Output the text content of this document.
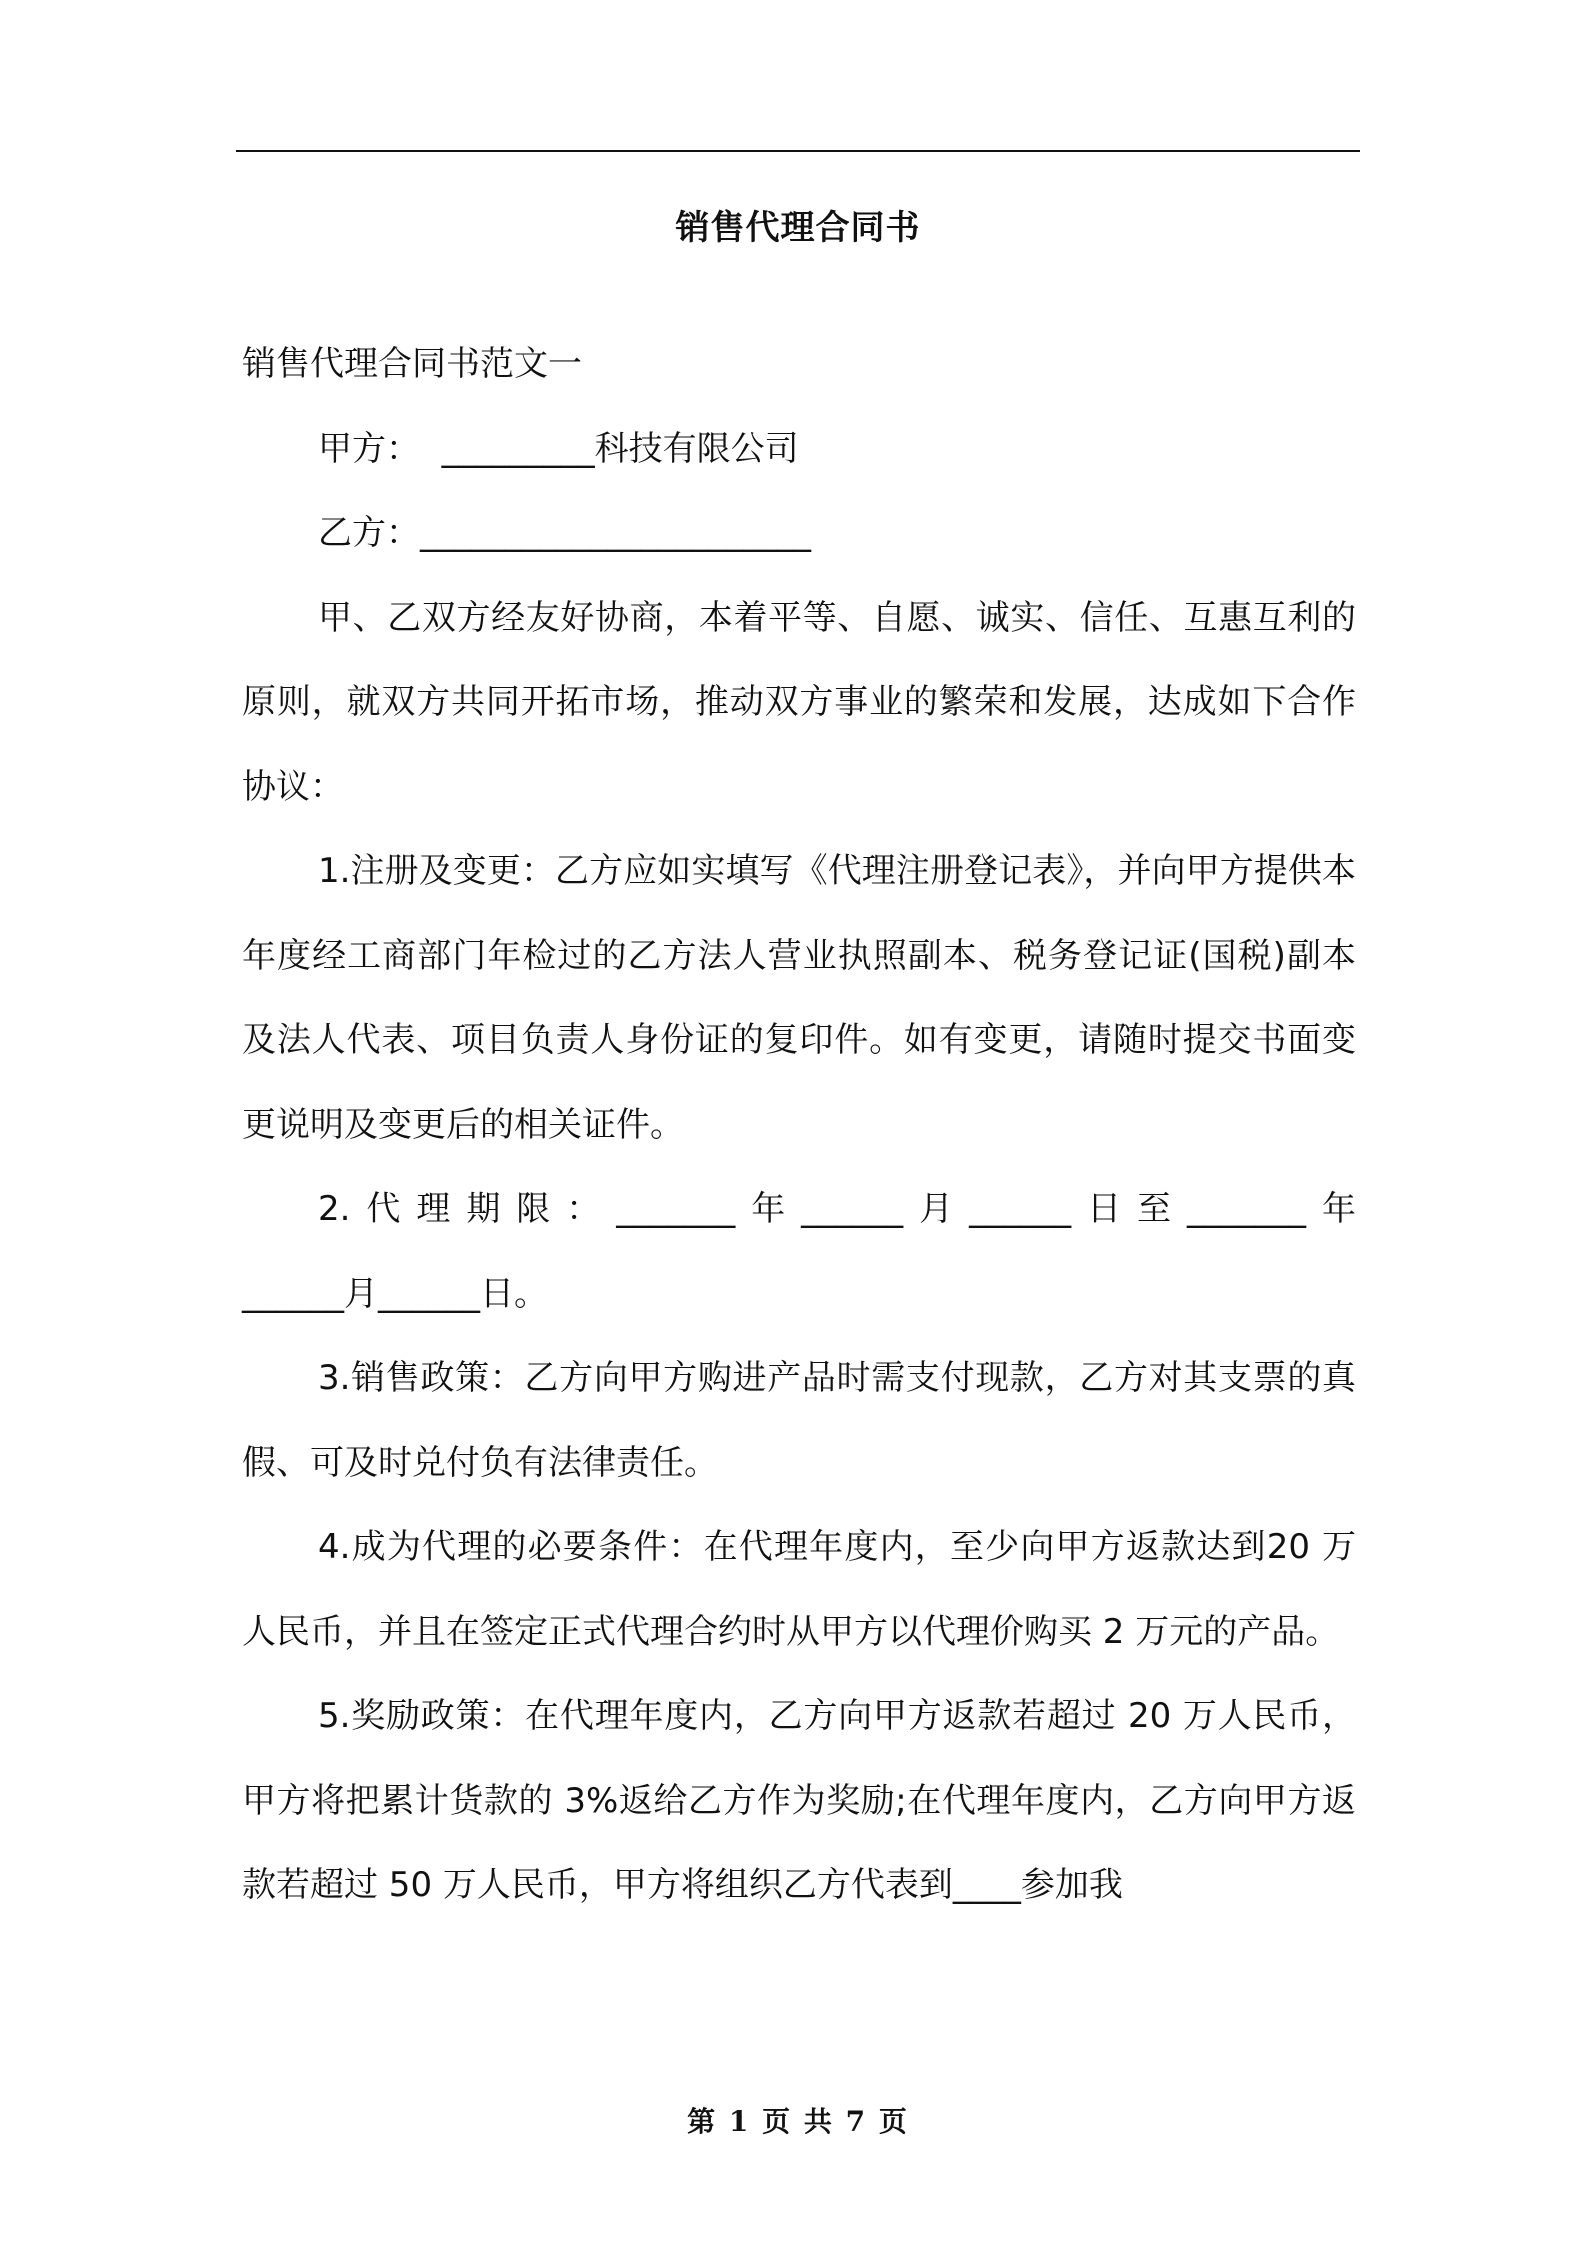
销售代理合同书

销售代理合同书范文一

甲方：  _________科技有限公司

乙方：_______________________

甲、乙双方经友好协商，本着平等、自愿、诚实、信任、互惠互利的原则，就双方共同开拓市场，推动双方事业的繁荣和发展，达成如下合作协议：

1.注册及变更：乙方应如实填写《代理注册登记表》，并向甲方提供本年度经工商部门年检过的乙方法人营业执照副本、税务登记证(国税)副本及法人代表、项目负责人身份证的复印件。如有变更，请随时提交书面变更说明及变更后的相关证件。

2.代理期限：_______年______月______日至_______年

______月______日。

3.销售政策：乙方向甲方购进产品时需支付现款，乙方对其支票的真假、可及时兑付负有法律责任。

4.成为代理的必要条件：在代理年度内，至少向甲方返款达到20 万人民币，并且在签定正式代理合约时从甲方以代理价购买 2 万元的产品。

5.奖励政策：在代理年度内，乙方向甲方返款若超过 20 万人民币，甲方将把累计货款的 3%返给乙方作为奖励;在代理年度内，乙方向甲方返款若超过 50 万人民币，甲方将组织乙方代表到____参加我

第 1 页 共 7 页
